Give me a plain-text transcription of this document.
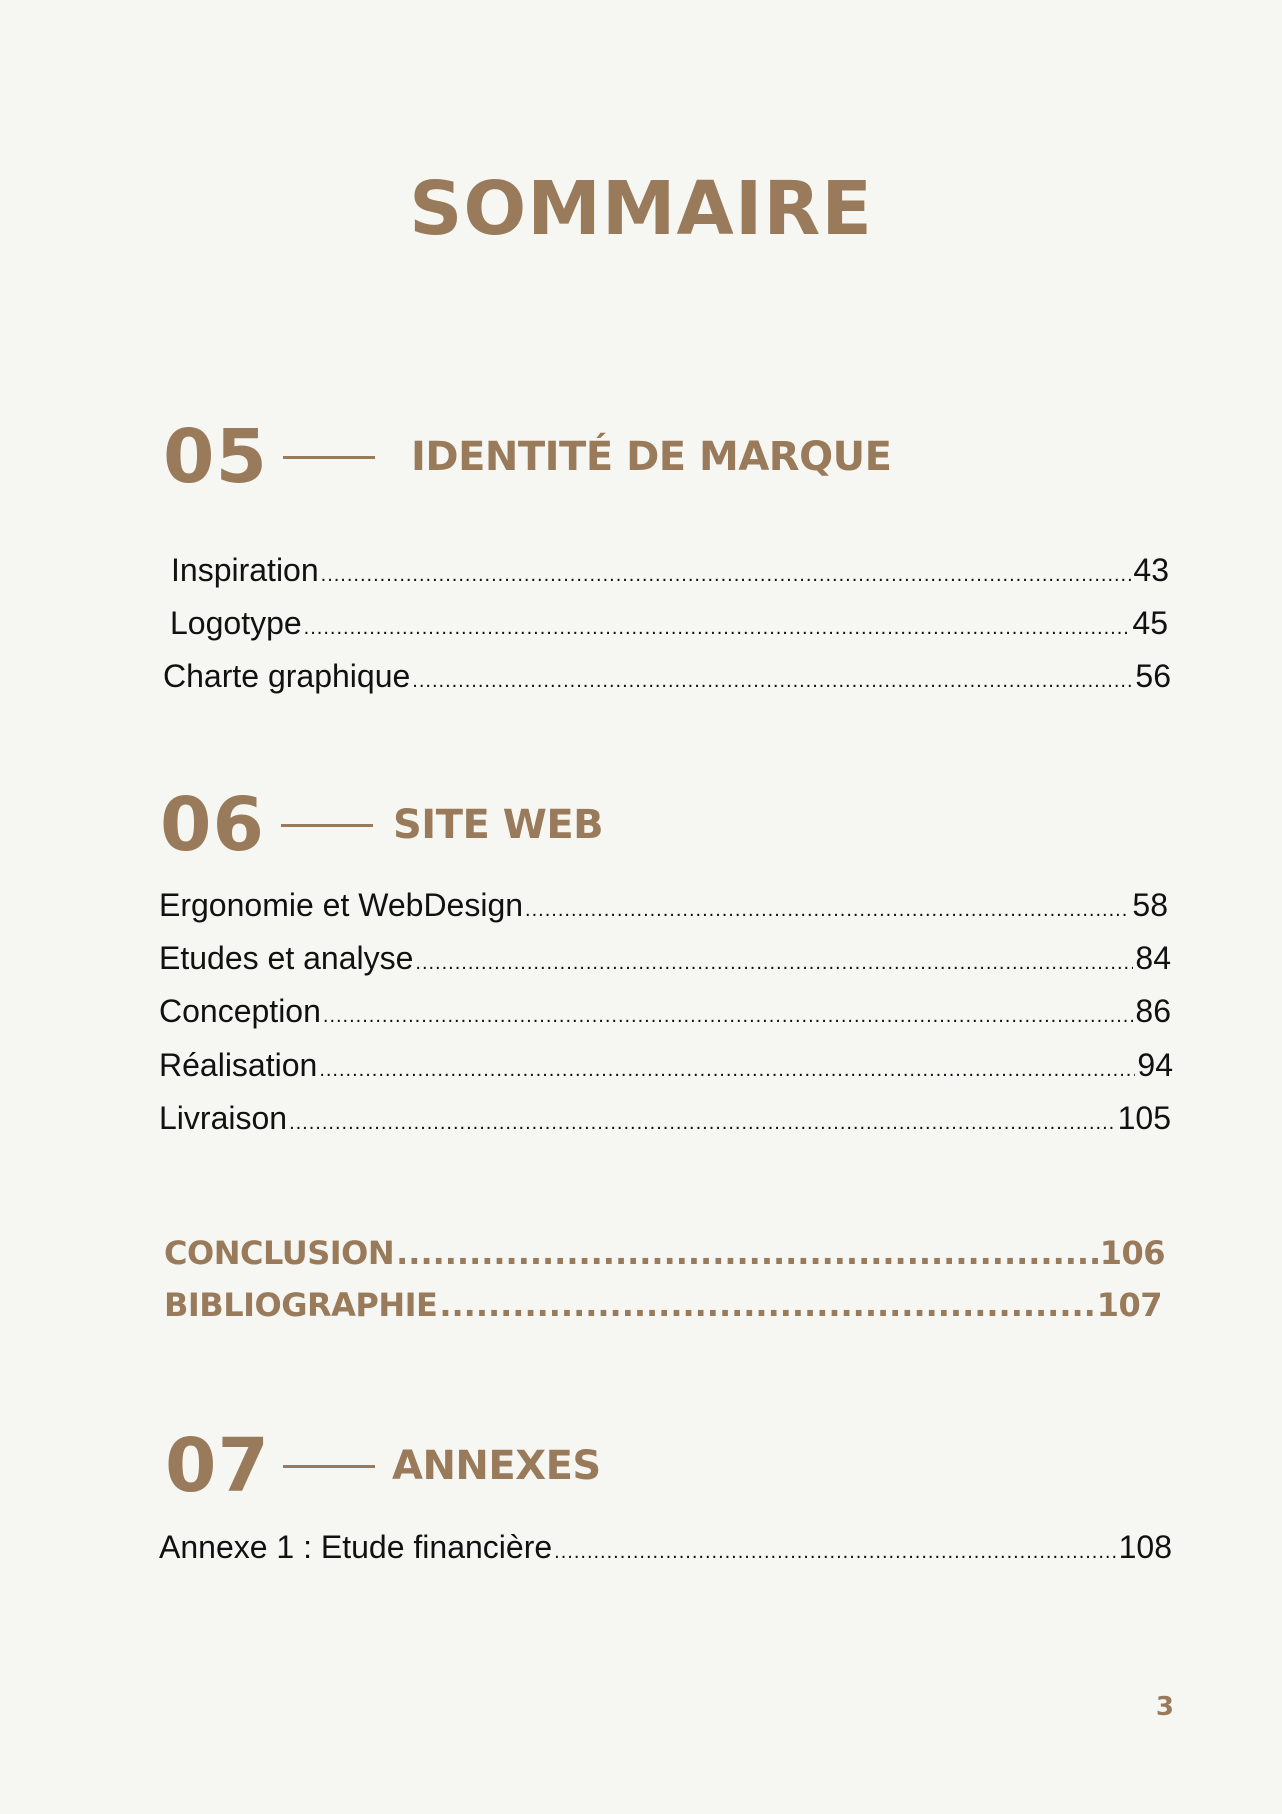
SOMMAIRE
05	IDENTITÉ DE MARQUE
Inspiration .....	43
Logotype .....	45
Charte graphique .....	56
06	SITE WEB
Ergonomie et WebDesign .....	58
Etudes et analyse .....	84
Conception .....	86
Réalisation .....	94
Livraison .....	105
CONCLUSION .....	106
BIBLIOGRAPHIE .....	107
07	ANNEXES
Annexe 1 : Etude financière .....	108
3
